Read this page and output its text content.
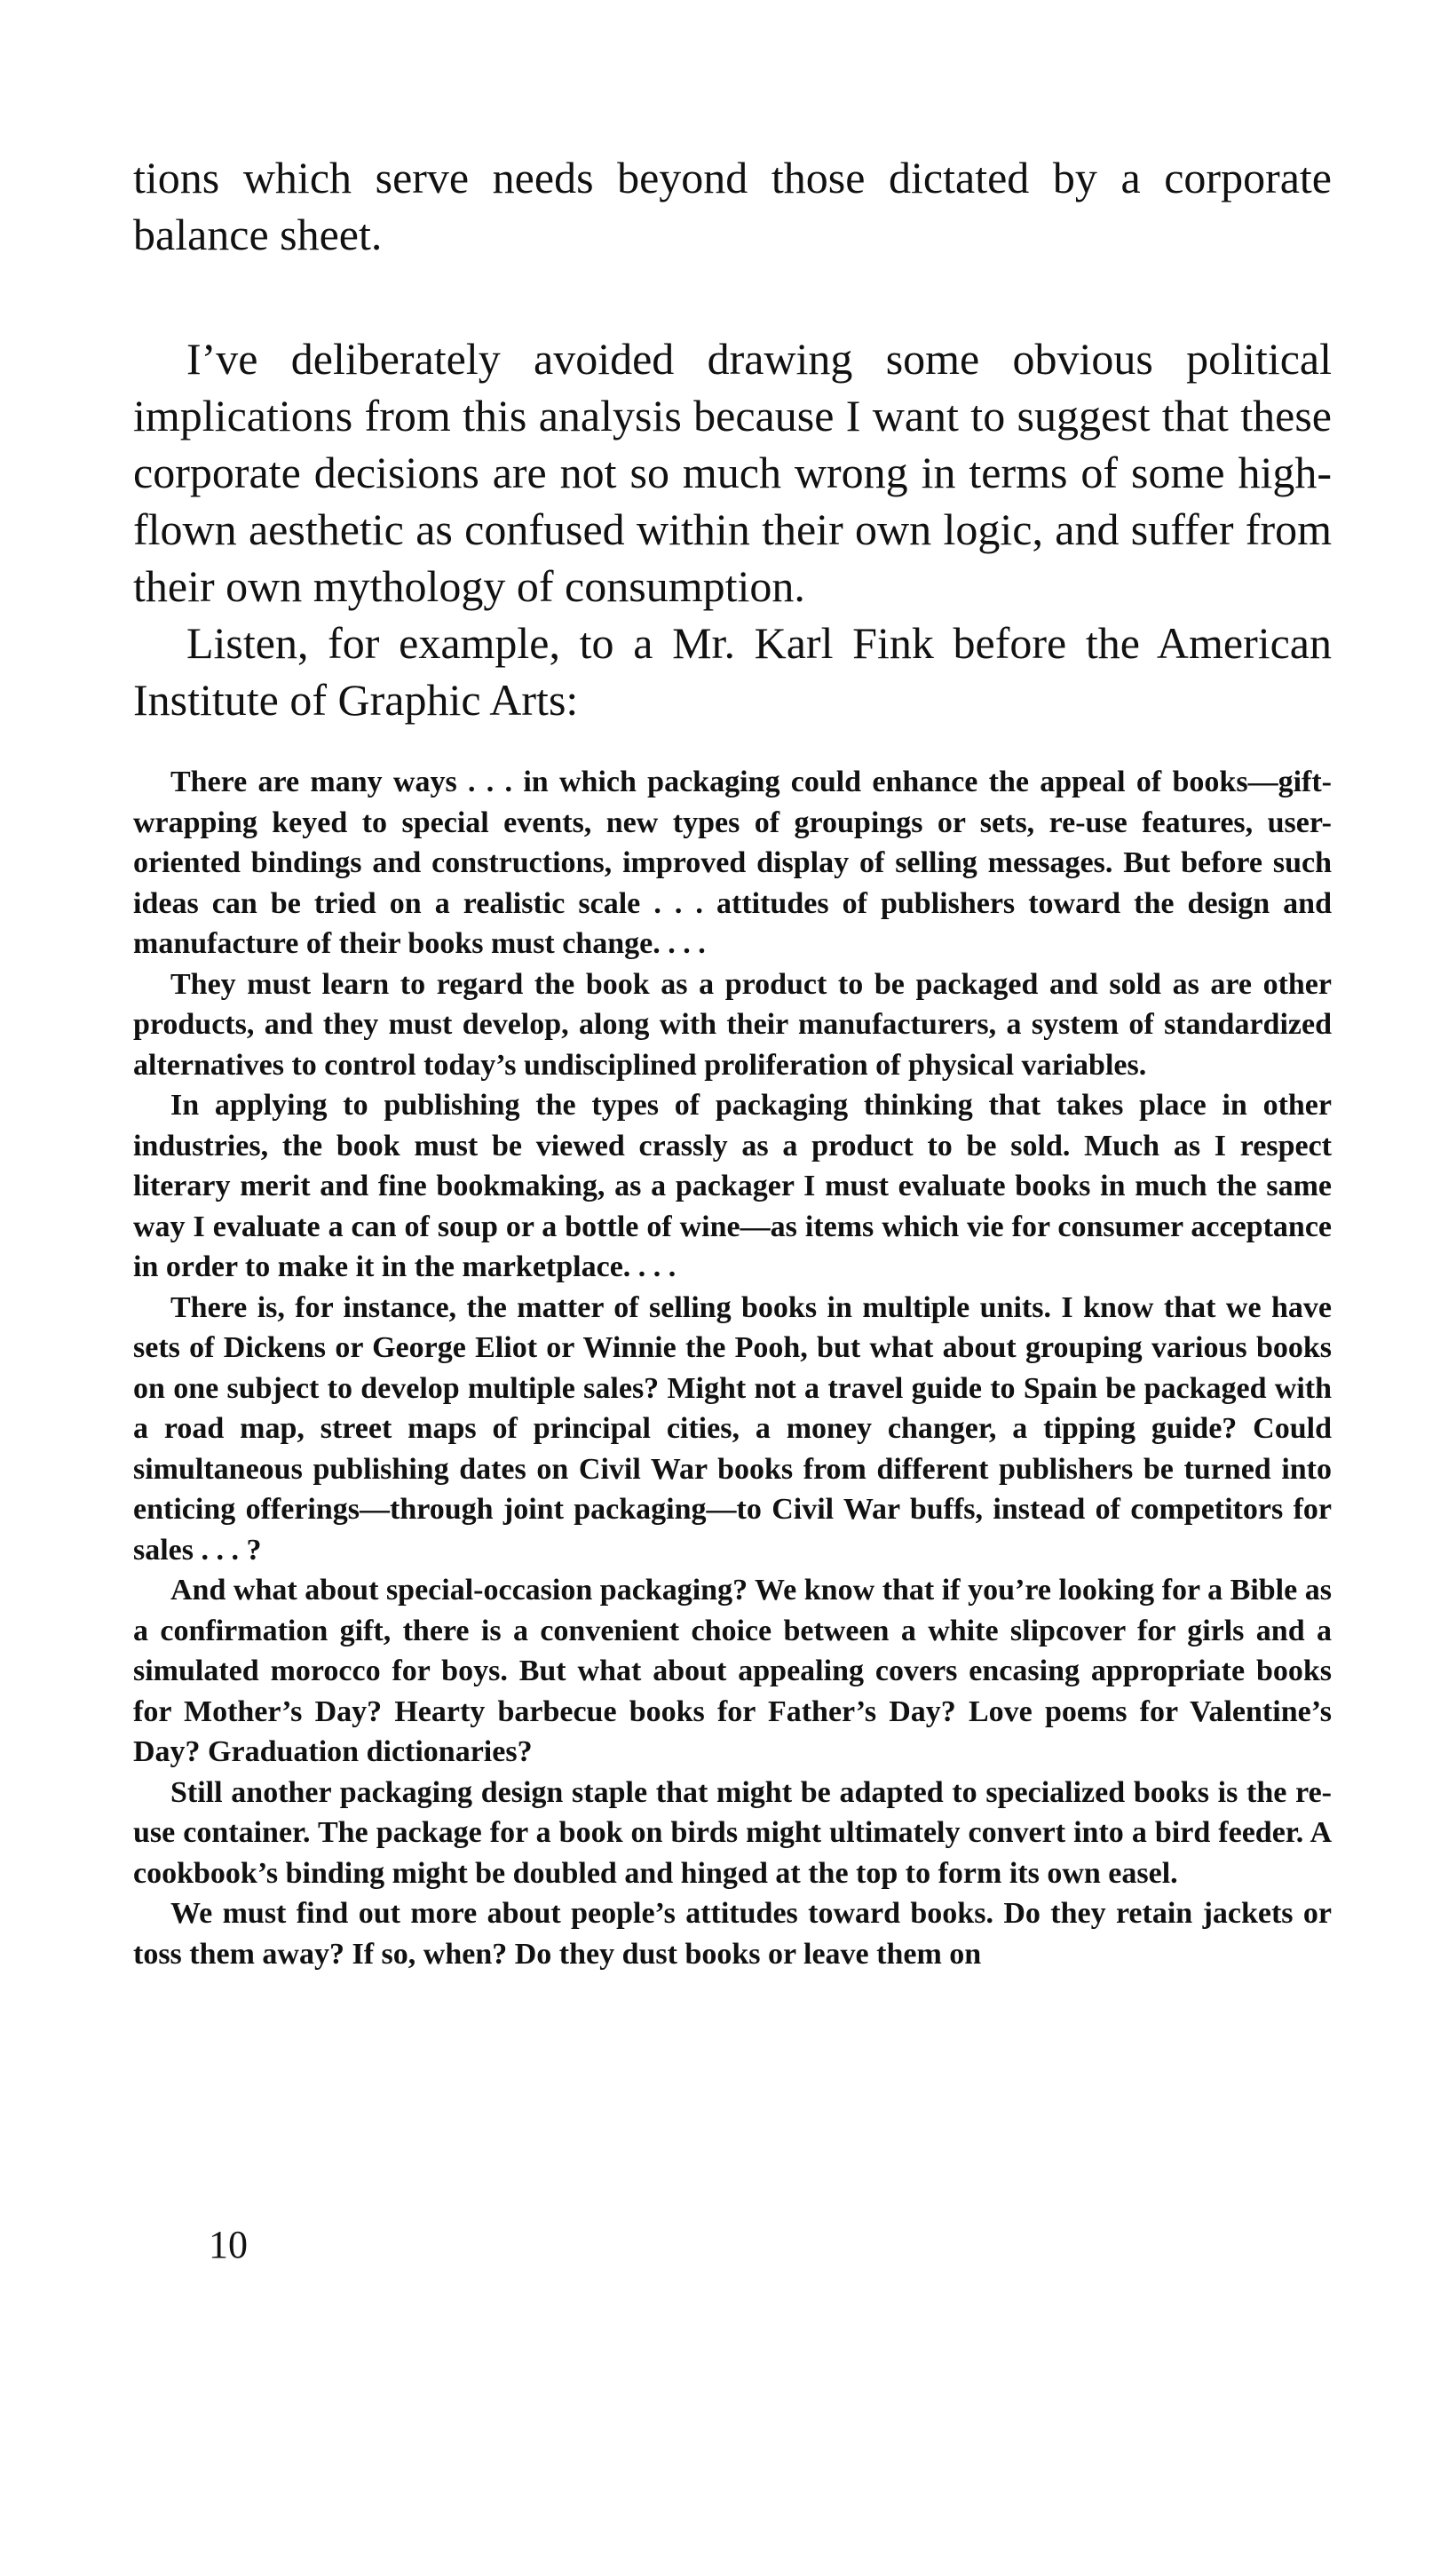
tions which serve needs beyond those dictated by a corporate balance sheet.

I’ve deliberately avoided drawing some obvious political implications from this analysis because I want to suggest that these corporate decisions are not so much wrong in terms of some high-flown aesthetic as confused within their own logic, and suffer from their own mythology of consumption.

Listen, for example, to a Mr. Karl Fink before the American Institute of Graphic Arts:

There are many ways . . . in which packaging could enhance the appeal of books—gift-wrapping keyed to special events, new types of groupings or sets, re-use features, user-oriented bindings and constructions, improved display of selling messages. But before such ideas can be tried on a realistic scale . . . attitudes of publishers toward the design and manufacture of their books must change. . . .

They must learn to regard the book as a product to be packaged and sold as are other products, and they must develop, along with their manufacturers, a system of standardized alternatives to control today’s undisciplined proliferation of physical variables.

In applying to publishing the types of packaging thinking that takes place in other industries, the book must be viewed crassly as a product to be sold. Much as I respect literary merit and fine bookmaking, as a packager I must evaluate books in much the same way I evaluate a can of soup or a bottle of wine—as items which vie for consumer acceptance in order to make it in the marketplace. . . .

There is, for instance, the matter of selling books in multiple units. I know that we have sets of Dickens or George Eliot or Winnie the Pooh, but what about grouping various books on one subject to develop multiple sales? Might not a travel guide to Spain be packaged with a road map, street maps of principal cities, a money changer, a tipping guide? Could simultaneous publishing dates on Civil War books from different publishers be turned into enticing offerings—through joint packaging—to Civil War buffs, instead of competitors for sales . . . ?

And what about special-occasion packaging? We know that if you’re looking for a Bible as a confirmation gift, there is a convenient choice between a white slipcover for girls and a simulated morocco for boys. But what about appealing covers encasing appropriate books for Mother’s Day? Hearty barbecue books for Father’s Day? Love poems for Valentine’s Day? Graduation dictionaries?

Still another packaging design staple that might be adapted to specialized books is the re-use container. The package for a book on birds might ultimately convert into a bird feeder. A cookbook’s binding might be doubled and hinged at the top to form its own easel.

We must find out more about people’s attitudes toward books. Do they retain jackets or toss them away? If so, when? Do they dust books or leave them on

10
